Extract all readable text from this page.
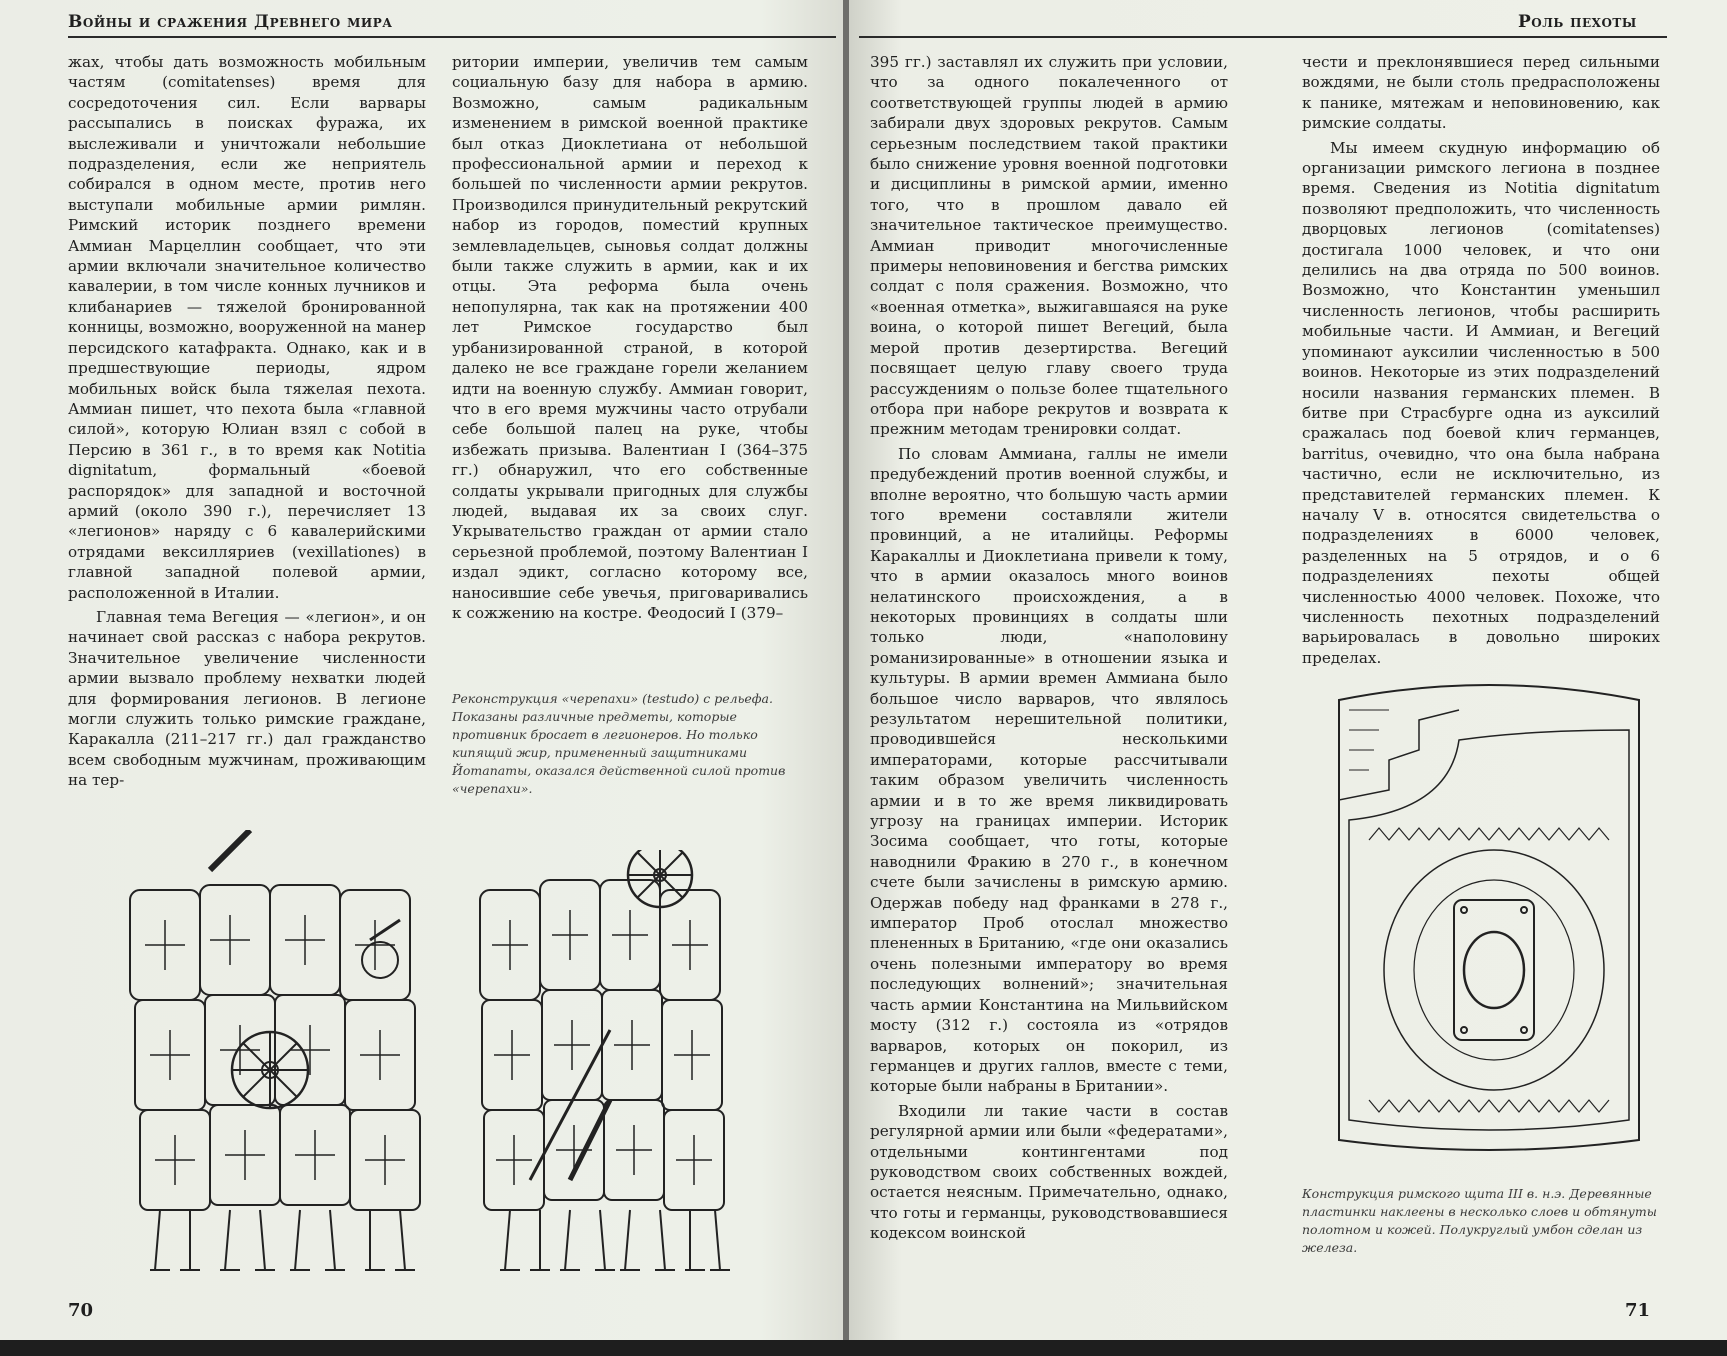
Войны и сражения Древнего мира

жах, чтобы дать возможность мобильным частям (comitatenses) время для сосредоточения сил. Если варвары рассыпались в поисках фуража, их выслеживали и уничтожали небольшие подразделения, если же неприятель собирался в одном месте, против него выступали мобильные армии римлян. Римский историк позднего времени Аммиан Марцеллин сообщает, что эти армии включали значительное количество кавалерии, в том числе конных лучников и клибанариев — тяжелой бронированной конницы, возможно, вооруженной на манер персидского катафракта. Однако, как и в предшествующие периоды, ядром мобильных войск была тяжелая пехота. Аммиан пишет, что пехота была «главной силой», которую Юлиан взял с собой в Персию в 361 г., в то время как Notitia dignitatum, формальный «боевой распорядок» для западной и восточной армий (около 390 г.), перечисляет 13 «легионов» наряду с 6 кавалерийскими отрядами вексилляриев (vexillationes) в главной западной полевой армии, расположенной в Италии.

Главная тема Вегеция — «легион», и он начинает свой рассказ с набора рекрутов. Значительное увеличение численности армии вызвало проблему нехватки людей для формирования легионов. В легионе могли служить только римские граждане, Каракалла (211–217 гг.) дал гражданство всем свободным мужчинам, проживающим на тер-

ритории империи, увеличив тем самым социальную базу для набора в армию. Возможно, самым радикальным изменением в римской военной практике был отказ Диоклетиана от небольшой профессиональной армии и переход к большей по численности армии рекрутов. Производился принудительный рекрутский набор из городов, поместий крупных землевладельцев, сыновья солдат должны были также служить в армии, как и их отцы. Эта реформа была очень непопулярна, так как на протяжении 400 лет Римское государство был урбанизированной страной, в которой далеко не все граждане горели желанием идти на военную службу. Аммиан говорит, что в его время мужчины часто отрубали себе большой палец на руке, чтобы избежать призыва. Валентиан I (364–375 гг.) обнаружил, что его собственные солдаты укрывали пригодных для службы людей, выдавая их за своих слуг. Укрывательство граждан от армии стало серьезной проблемой, поэтому Валентиан I издал эдикт, согласно которому все, наносившие себе увечья, приговаривались к сожжению на костре. Феодосий I (379–

Реконструкция «черепахи» (testudo) с рельефа. Показаны различные предметы, которые противник бросает в легионеров. Но только кипящий жир, примененный защитниками Йотапаты, оказался действенной силой против «черепахи».
70
Роль пехоты

395 гг.) заставлял их служить при условии, что за одного покалеченного от соответствующей группы людей в армию забирали двух здоровых рекрутов. Самым серьезным последствием такой практики было снижение уровня военной подготовки и дисциплины в римской армии, именно того, что в прошлом давало ей значительное тактическое преимущество. Аммиан приводит многочисленные примеры неповиновения и бегства римских солдат с поля сражения. Возможно, что «военная отметка», выжигавшаяся на руке воина, о которой пишет Вегеций, была мерой против дезертирства. Вегеций посвящает целую главу своего труда рассуждениям о пользе более тщательного отбора при наборе рекрутов и возврата к прежним методам тренировки солдат.

По словам Аммиана, галлы не имели предубеждений против военной службы, и вполне вероятно, что большую часть армии того времени составляли жители провинций, а не италийцы. Реформы Каракаллы и Диоклетиана привели к тому, что в армии оказалось много воинов нелатинского происхождения, а в некоторых провинциях в солдаты шли только люди, «наполовину романизированные» в отношении языка и культуры. В армии времен Аммиана было большое число варваров, что являлось результатом нерешительной политики, проводившейся несколькими императорами, которые рассчитывали таким образом увеличить численность армии и в то же время ликвидировать угрозу на границах империи. Историк Зосима сообщает, что готы, которые наводнили Фракию в 270 г., в конечном счете были зачислены в римскую армию. Одержав победу над франками в 278 г., император Проб отослал множество плененных в Британию, «где они оказались очень полезными императору во время последующих волнений»; значительная часть армии Константина на Мильвийском мосту (312 г.) состояла из «отрядов варваров, которых он покорил, из германцев и других галлов, вместе с теми, которые были набраны в Британии».

Входили ли такие части в состав регулярной армии или были «федератами», отдельными контингентами под руководством своих собственных вождей, остается неясным. Примечательно, однако, что готы и германцы, руководствовавшиеся кодексом воинской

чести и преклонявшиеся перед сильными вождями, не были столь предрасположены к панике, мятежам и неповиновению, как римские солдаты.

Мы имеем скудную информацию об организации римского легиона в позднее время. Сведения из Notitia dignitatum позволяют предположить, что численность дворцовых легионов (comitatenses) достигала 1000 человек, и что они делились на два отряда по 500 воинов. Возможно, что Константин уменьшил численность легионов, чтобы расширить мобильные части. И Аммиан, и Вегеций упоминают ауксилии численностью в 500 воинов. Некоторые из этих подразделений носили названия германских племен. В битве при Страсбурге одна из ауксилий сражалась под боевой клич германцев, barritus, очевидно, что она была набрана частично, если не исключительно, из представителей германских племен. К началу V в. относятся свидетельства о подразделениях в 6000 человек, разделенных на 5 отрядов, и о 6 подразделениях пехоты общей численностью 4000 человек. Похоже, что численность пехотных подразделений варьировалась в довольно широких пределах.

Конструкция римского щита III в. н.э. Деревянные пластинки наклеены в несколько слоев и обтянуты полотном и кожей. Полукруглый умбон сделан из железа.
71
